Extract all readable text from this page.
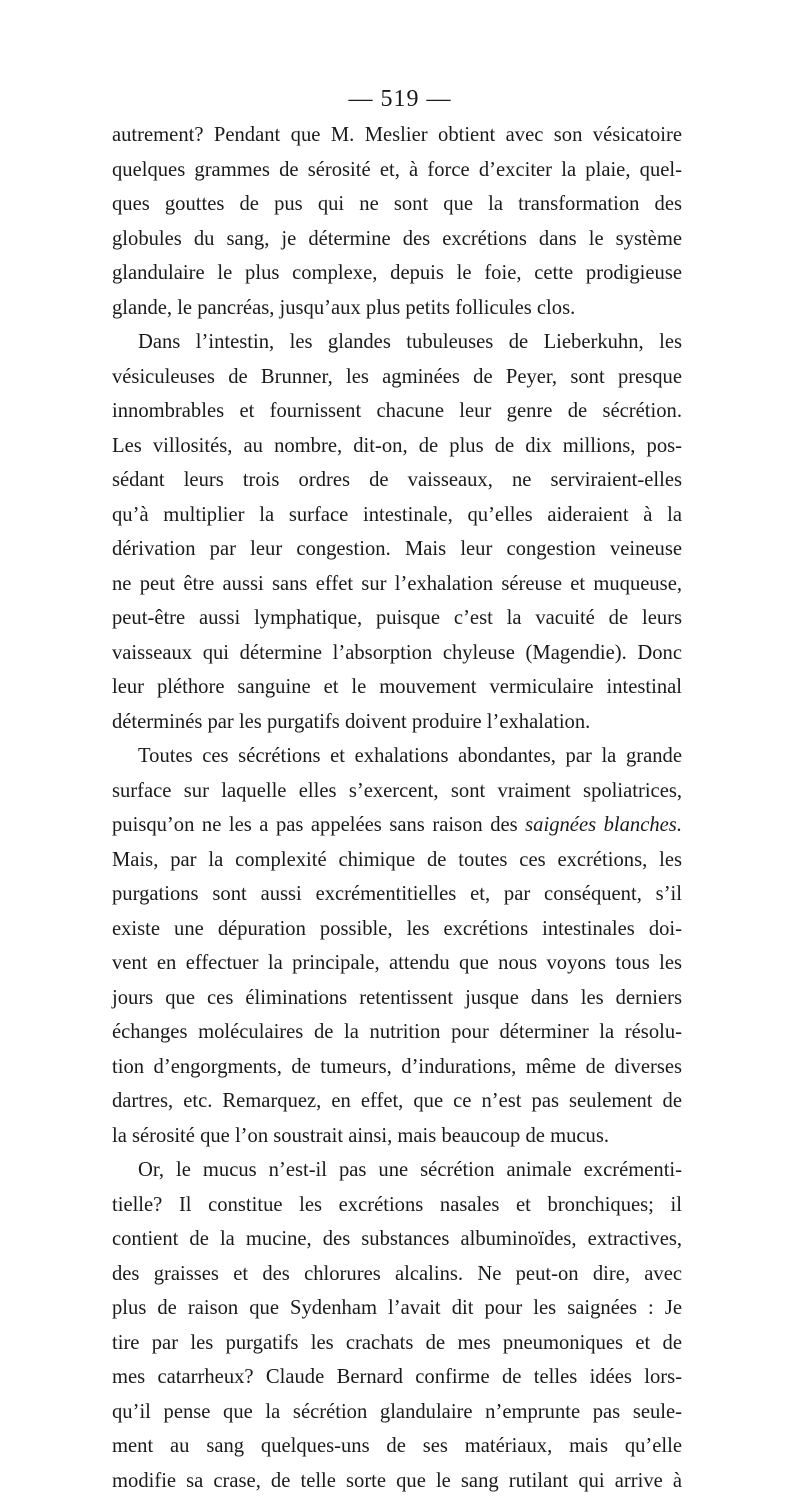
— 519 —
autrement? Pendant que M. Meslier obtient avec son vésicatoire
quelques grammes de sérosité et, à force d’exciter la plaie, quel-
ques gouttes de pus qui ne sont que la transformation des
globules du sang, je détermine des excrétions dans le système
glandulaire le plus complexe, depuis le foie, cette prodigieuse
glande, le pancréas, jusqu’aux plus petits follicules clos.
Dans l’intestin, les glandes tubuleuses de Lieberkuhn, les
vésiculeuses de Brunner, les agminées de Peyer, sont presque
innombrables et fournissent chacune leur genre de sécrétion.
Les villosités, au nombre, dit-on, de plus de dix millions, pos-
sédant leurs trois ordres de vaisseaux, ne serviraient-elles
qu’à multiplier la surface intestinale, qu’elles aideraient à la
dérivation par leur congestion. Mais leur congestion veineuse
ne peut être aussi sans effet sur l’exhalation séreuse et muqueuse,
peut-être aussi lymphatique, puisque c’est la vacuité de leurs
vaisseaux qui détermine l’absorption chyleuse (Magendie). Donc
leur pléthore sanguine et le mouvement vermiculaire intestinal
déterminés par les purgatifs doivent produire l’exhalation.
Toutes ces sécrétions et exhalations abondantes, par la grande
surface sur laquelle elles s’exercent, sont vraiment spoliatrices,
puisqu’on ne les a pas appelées sans raison des saignées blanches.
Mais, par la complexité chimique de toutes ces excrétions, les
purgations sont aussi excrémentitielles et, par conséquent, s’il
existe une dépuration possible, les excrétions intestinales doi-
vent en effectuer la principale, attendu que nous voyons tous les
jours que ces éliminations retentissent jusque dans les derniers
échanges moléculaires de la nutrition pour déterminer la résolu-
tion d’engorgments, de tumeurs, d’indurations, même de diverses
dartres, etc. Remarquez, en effet, que ce n’est pas seulement de
la sérosité que l’on soustrait ainsi, mais beaucoup de mucus.
Or, le mucus n’est-il pas une sécrétion animale excrémenti-
tielle? Il constitue les excrétions nasales et bronchiques; il
contient de la mucine, des substances albuminoïdes, extractives,
des graisses et des chlorures alcalins. Ne peut-on dire, avec
plus de raison que Sydenham l’avait dit pour les saignées : Je
tire par les purgatifs les crachats de mes pneumoniques et de
mes catarrheux? Claude Bernard confirme de telles idées lors-
qu’il pense que la sécrétion glandulaire n’emprunte pas seule-
ment au sang quelques-uns de ses matériaux, mais qu’elle
modifie sa crase, de telle sorte que le sang rutilant qui arrive à
